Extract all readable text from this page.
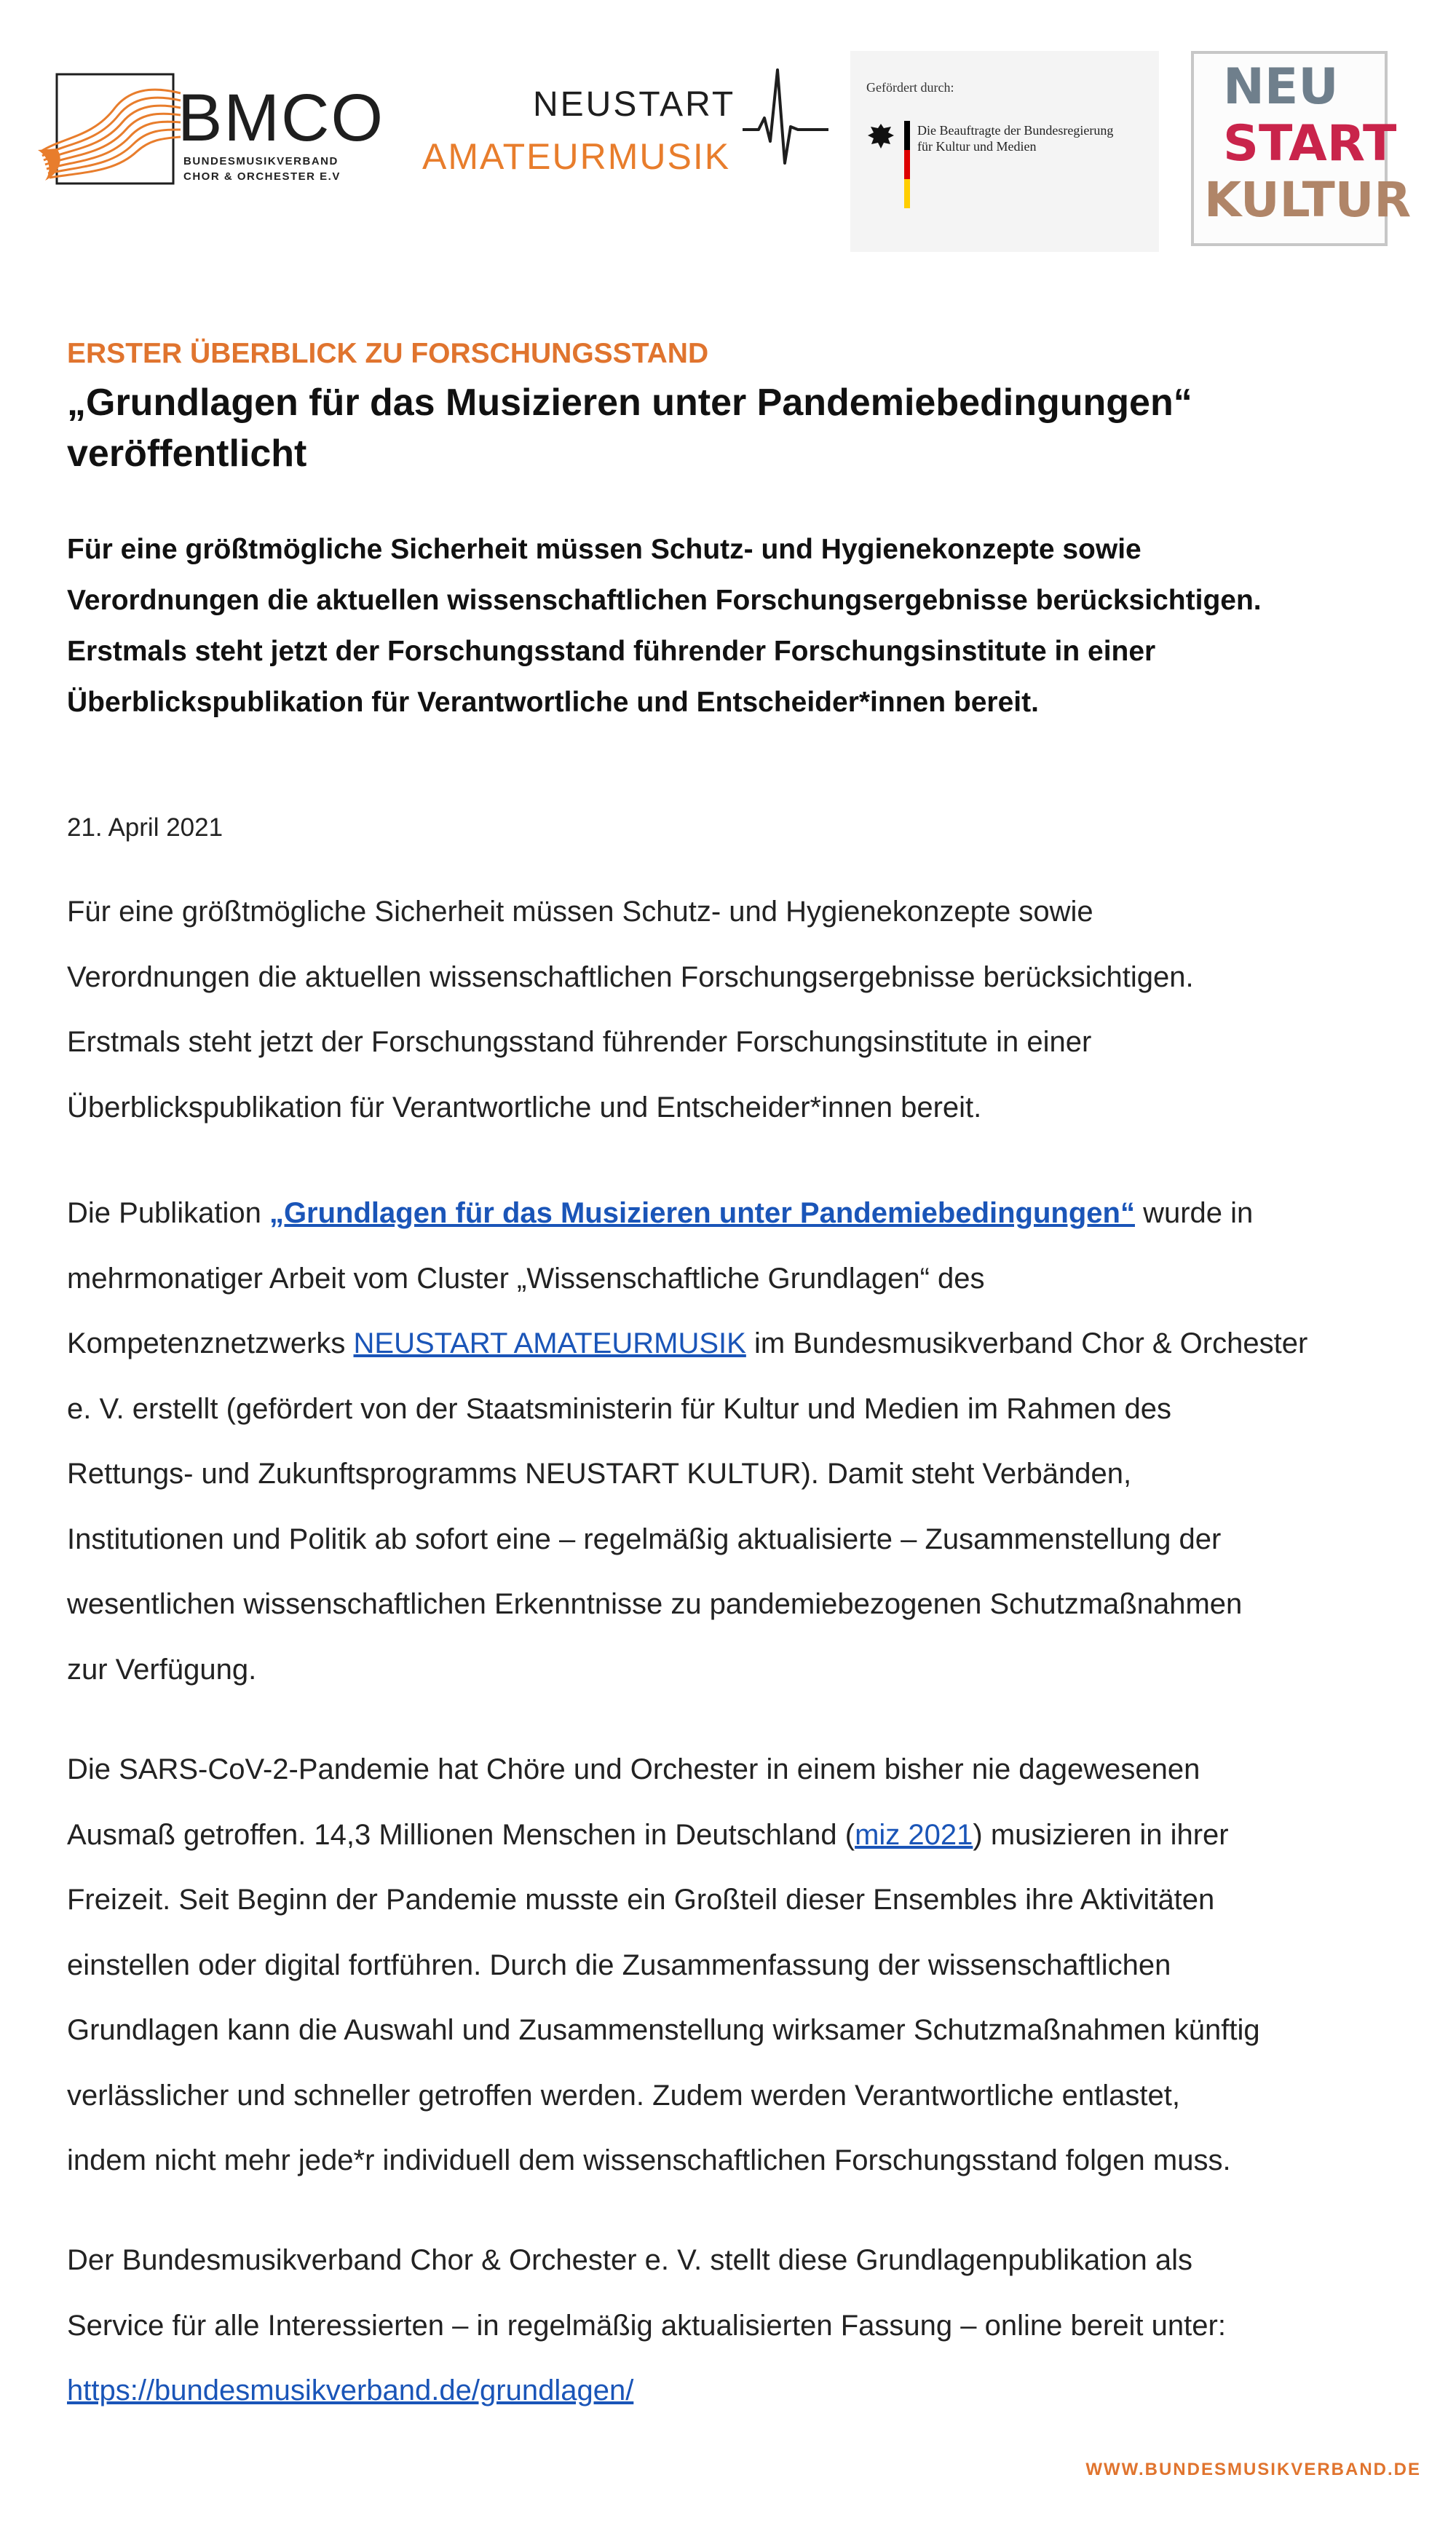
BMCO
BUNDESMUSIKVERBAND
CHOR & ORCHESTER E.V
NEUSTART
AMATEURMUSIK
Gefördert durch:
Die Beauftragte der Bundesregierung
für Kultur und Medien
NEU
START
KULTUR
ERSTER ÜBERBLICK ZU FORSCHUNGSSTAND
„Grundlagen für das Musizieren unter Pandemiebedingungen“
veröffentlicht
Für eine größtmögliche Sicherheit müssen Schutz- und Hygienekonzepte sowie
Verordnungen die aktuellen wissenschaftlichen Forschungsergebnisse berücksichtigen.
Erstmals steht jetzt der Forschungsstand führender Forschungsinstitute in einer
Überblickspublikation für Verantwortliche und Entscheider*innen bereit.
21. April 2021
Für eine größtmögliche Sicherheit müssen Schutz- und Hygienekonzepte sowie
Verordnungen die aktuellen wissenschaftlichen Forschungsergebnisse berücksichtigen.
Erstmals steht jetzt der Forschungsstand führender Forschungsinstitute in einer
Überblickspublikation für Verantwortliche und Entscheider*innen bereit.
Die Publikation „Grundlagen für das Musizieren unter Pandemiebedingungen“ wurde in
mehrmonatiger Arbeit vom Cluster „Wissenschaftliche Grundlagen“ des
Kompetenznetzwerks NEUSTART AMATEURMUSIK im Bundesmusikverband Chor & Orchester
e. V. erstellt (gefördert von der Staatsministerin für Kultur und Medien im Rahmen des
Rettungs- und Zukunftsprogramms NEUSTART KULTUR). Damit steht Verbänden,
Institutionen und Politik ab sofort eine – regelmäßig aktualisierte – Zusammenstellung der
wesentlichen wissenschaftlichen Erkenntnisse zu pandemiebezogenen Schutzmaßnahmen
zur Verfügung.
Die SARS-CoV-2-Pandemie hat Chöre und Orchester in einem bisher nie dagewesenen
Ausmaß getroffen. 14,3 Millionen Menschen in Deutschland (miz 2021) musizieren in ihrer
Freizeit. Seit Beginn der Pandemie musste ein Großteil dieser Ensembles ihre Aktivitäten
einstellen oder digital fortführen. Durch die Zusammenfassung der wissenschaftlichen
Grundlagen kann die Auswahl und Zusammenstellung wirksamer Schutzmaßnahmen künftig
verlässlicher und schneller getroffen werden. Zudem werden Verantwortliche entlastet,
indem nicht mehr jede*r individuell dem wissenschaftlichen Forschungsstand folgen muss.
Der Bundesmusikverband Chor & Orchester e. V. stellt diese Grundlagenpublikation als
Service für alle Interessierten – in regelmäßig aktualisierten Fassung – online bereit unter:
https://bundesmusikverband.de/grundlagen/
WWW.BUNDESMUSIKVERBAND.DE
